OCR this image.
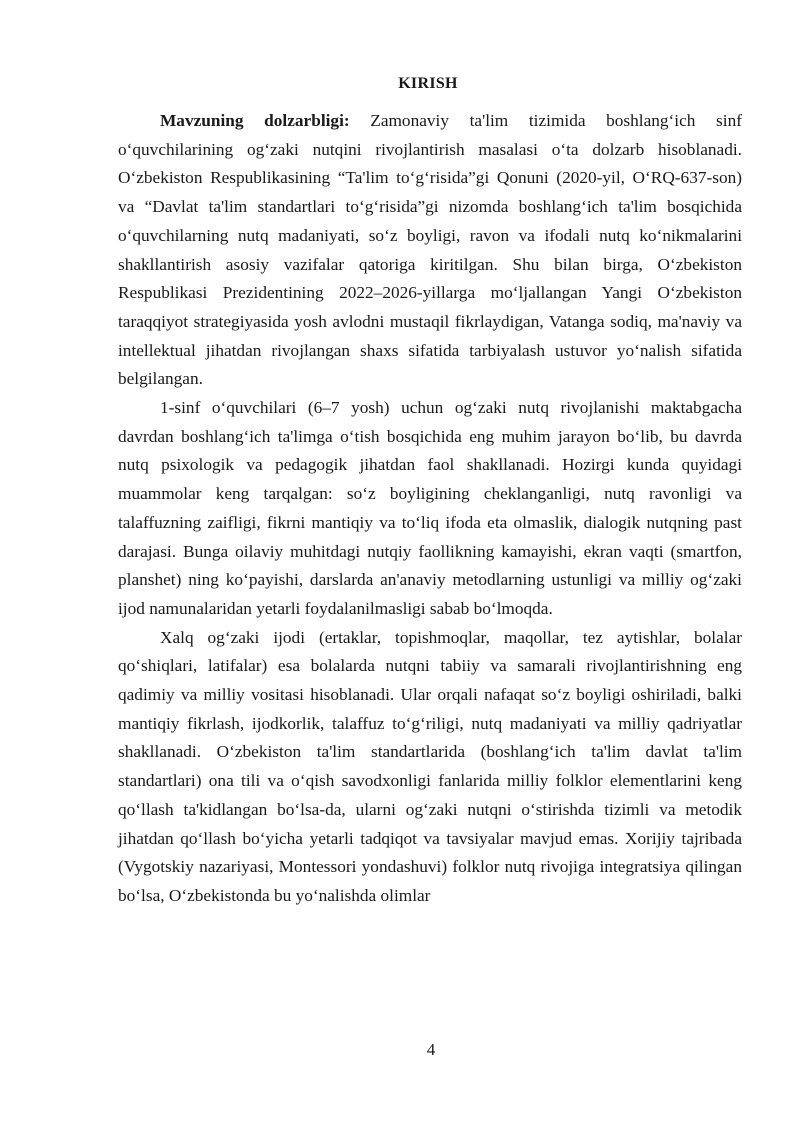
KIRISH

Mavzuning dolzarbligi: Zamonaviy ta'lim tizimida boshlang‘ich sinf o‘quvchilarining og‘zaki nutqini rivojlantirish masalasi o‘ta dolzarb hisoblanadi. O‘zbekiston Respublikasining “Ta'lim to‘g‘risida”gi Qonuni (2020-yil, O‘RQ-637-son) va “Davlat ta'lim standartlari to‘g‘risida”gi nizomda boshlang‘ich ta'lim bosqichida o‘quvchilarning nutq madaniyati, so‘z boyligi, ravon va ifodali nutq ko‘nikmalarini shakllantirish asosiy vazifalar qatoriga kiritilgan. Shu bilan birga, O‘zbekiston Respublikasi Prezidentining 2022–2026-yillarga mo‘ljallangan Yangi O‘zbekiston taraqqiyot strategiyasida yosh avlodni mustaqil fikrlaydigan, Vatanga sodiq, ma'naviy va intellektual jihatdan rivojlangan shaxs sifatida tarbiyalash ustuvor yo‘nalish sifatida belgilangan.

1-sinf o‘quvchilari (6–7 yosh) uchun og‘zaki nutq rivojlanishi maktabgacha davrdan boshlang‘ich ta'limga o‘tish bosqichida eng muhim jarayon bo‘lib, bu davrda nutq psixologik va pedagogik jihatdan faol shakllanadi. Hozirgi kunda quyidagi muammolar keng tarqalgan: so‘z boyligining cheklanganligi, nutq ravonligi va talaffuzning zaifligi, fikrni mantiqiy va to‘liq ifoda eta olmaslik, dialogik nutqning past darajasi. Bunga oilaviy muhitdagi nutqiy faollikning kamayishi, ekran vaqti (smartfon, planshet) ning ko‘payishi, darslarda an'anaviy metodlarning ustunligi va milliy og‘zaki ijod namunalaridan yetarli foydalanilmasligi sabab bo‘lmoqda.

Xalq og‘zaki ijodi (ertaklar, topishmoqlar, maqollar, tez aytishlar, bolalar qo‘shiqlari, latifalar) esa bolalarda nutqni tabiiy va samarali rivojlantirishning eng qadimiy va milliy vositasi hisoblanadi. Ular orqali nafaqat so‘z boyligi oshiriladi, balki mantiqiy fikrlash, ijodkorlik, talaffuz to‘g‘riligi, nutq madaniyati va milliy qadriyatlar shakllanadi. O‘zbekiston ta'lim standartlarida (boshlang‘ich ta'lim davlat ta'lim standartlari) ona tili va o‘qish savodxonligi fanlarida milliy folklor elementlarini keng qo‘llash ta'kidlangan bo‘lsa-da, ularni og‘zaki nutqni o‘stirishda tizimli va metodik jihatdan qo‘llash bo‘yicha yetarli tadqiqot va tavsiyalar mavjud emas. Xorijiy tajribada (Vygotskiy nazariyasi, Montessori yondashuvi) folklor nutq rivojiga integratsiya qilingan bo‘lsa, O‘zbekistonda bu yo‘nalishda olimlar

4
